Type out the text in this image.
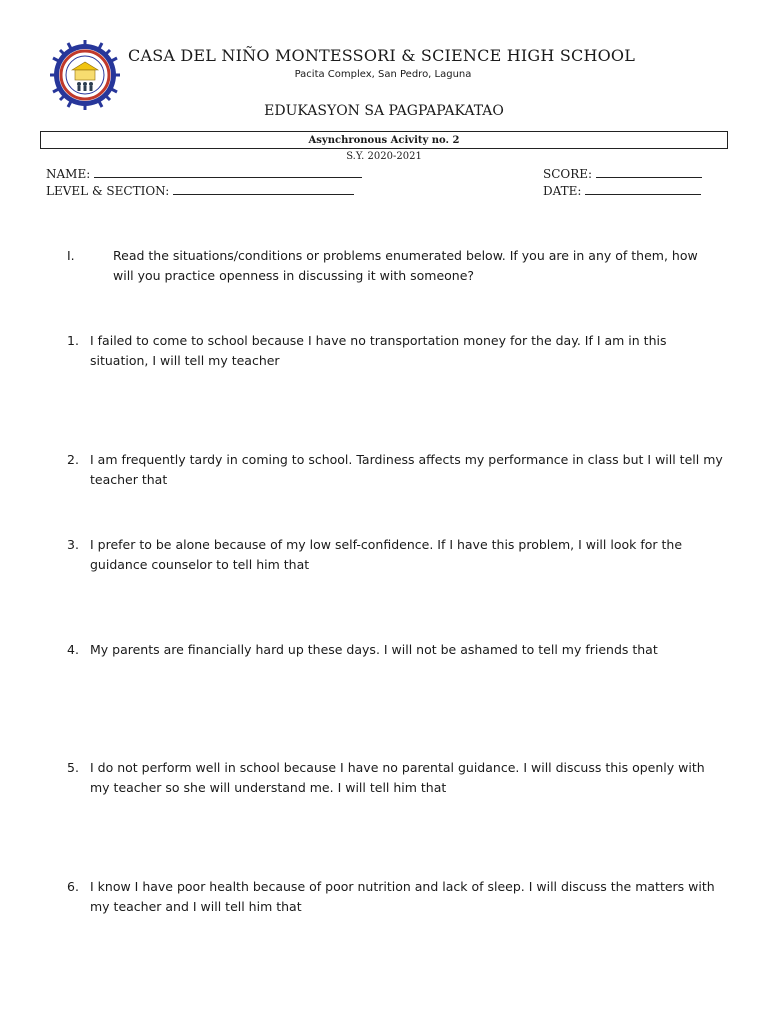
CASA DEL NIÑO MONTESSORI & SCIENCE HIGH SCHOOL
Pacita Complex, San Pedro, Laguna
EDUKASYON SA PAGPAPAKATAO
Asynchronous Acivity no. 2
S.Y. 2020-2021
NAME:
LEVEL & SECTION:
SCORE:
DATE:
I.	Read the situations/conditions or problems enumerated below. If you are in any of them, how will you practice openness in discussing it with someone?
1. I failed to come to school because I have no transportation money for the day. If I am in this situation, I will tell my teacher
2. I am frequently tardy in coming to school. Tardiness affects my performance in class but I will tell my teacher that
3. I prefer to be alone because of my low self-confidence. If I have this problem, I will look for the guidance counselor to tell him that
4. My parents are financially hard up these days. I will not be ashamed to tell my friends that
5. I do not perform well in school because I have no parental guidance. I will discuss this openly with my teacher so she will understand me. I will tell him that
6. I know I have poor health because of poor nutrition and lack of sleep. I will discuss the matters with my teacher and I will tell him that
